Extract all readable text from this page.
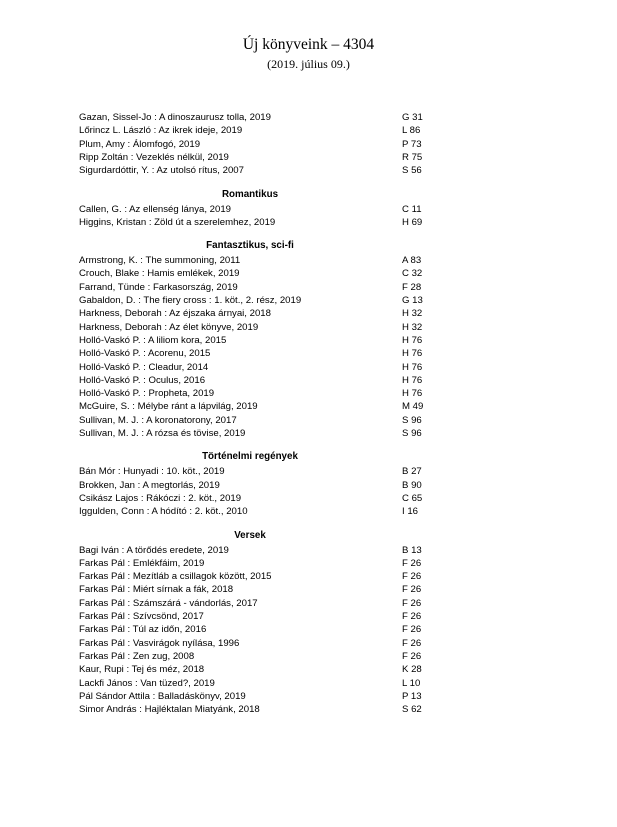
Új könyveink – 4304
(2019. július 09.)
Gazan, Sissel-Jo : A dinoszaurusz tolla, 2019	G 31
Lőrincz L. László : Az ikrek ideje, 2019	L 86
Plum, Amy : Álomfogó, 2019	P 73
Ripp Zoltán : Vezeklés nélkül, 2019	R 75
Sigurdardóttir, Y. : Az utolsó rítus, 2007	S 56
Romantikus
Callen, G. : Az ellenség lánya, 2019	C 11
Higgins, Kristan : Zöld út a szerelemhez, 2019	H 69
Fantasztikus, sci-fi
Armstrong, K. : The summoning, 2011	A 83
Crouch, Blake : Hamis emlékek, 2019	C 32
Farrand, Tünde : Farkasország, 2019	F 28
Gabaldon, D. : The fiery cross : 1. köt., 2. rész, 2019	G 13
Harkness, Deborah : Az éjszaka árnyai, 2018	H 32
Harkness, Deborah : Az élet könyve, 2019	H 32
Holló-Vaskó P. : A liliom kora, 2015	H 76
Holló-Vaskó P. : Acorenu, 2015	H 76
Holló-Vaskó P. : Cleadur, 2014	H 76
Holló-Vaskó P. : Oculus, 2016	H 76
Holló-Vaskó P. : Propheta, 2019	H 76
McGuire, S. : Mélybe ránt a lápvilág, 2019	M 49
Sullivan, M. J. : A koronatorony, 2017	S 96
Sullivan, M. J. : A rózsa és tövise, 2019	S 96
Történelmi regények
Bán Mór : Hunyadi : 10. köt., 2019	B 27
Brokken, Jan : A megtorlás, 2019	B 90
Csikász Lajos : Rákóczi : 2. köt., 2019	C 65
Iggulden, Conn : A hódító : 2. köt., 2010	I 16
Versek
Bagi Iván : A törődés eredete, 2019	B 13
Farkas Pál : Emlékfáim, 2019	F 26
Farkas Pál : Mezítláb a csillagok között, 2015	F 26
Farkas Pál : Miért sírnak a fák, 2018	F 26
Farkas Pál : Számszárá - vándorlás, 2017	F 26
Farkas Pál : Szívcsönd, 2017	F 26
Farkas Pál : Túl az időn, 2016	F 26
Farkas Pál : Vasvirágok nyílása, 1996	F 26
Farkas Pál : Zen zug, 2008	F 26
Kaur, Rupi : Tej és méz, 2018	K 28
Lackfi János : Van tüzed?, 2019	L 10
Pál Sándor Attila : Balladáskönyv, 2019	P 13
Simor András : Hajléktalan Miatyánk, 2018	S 62
